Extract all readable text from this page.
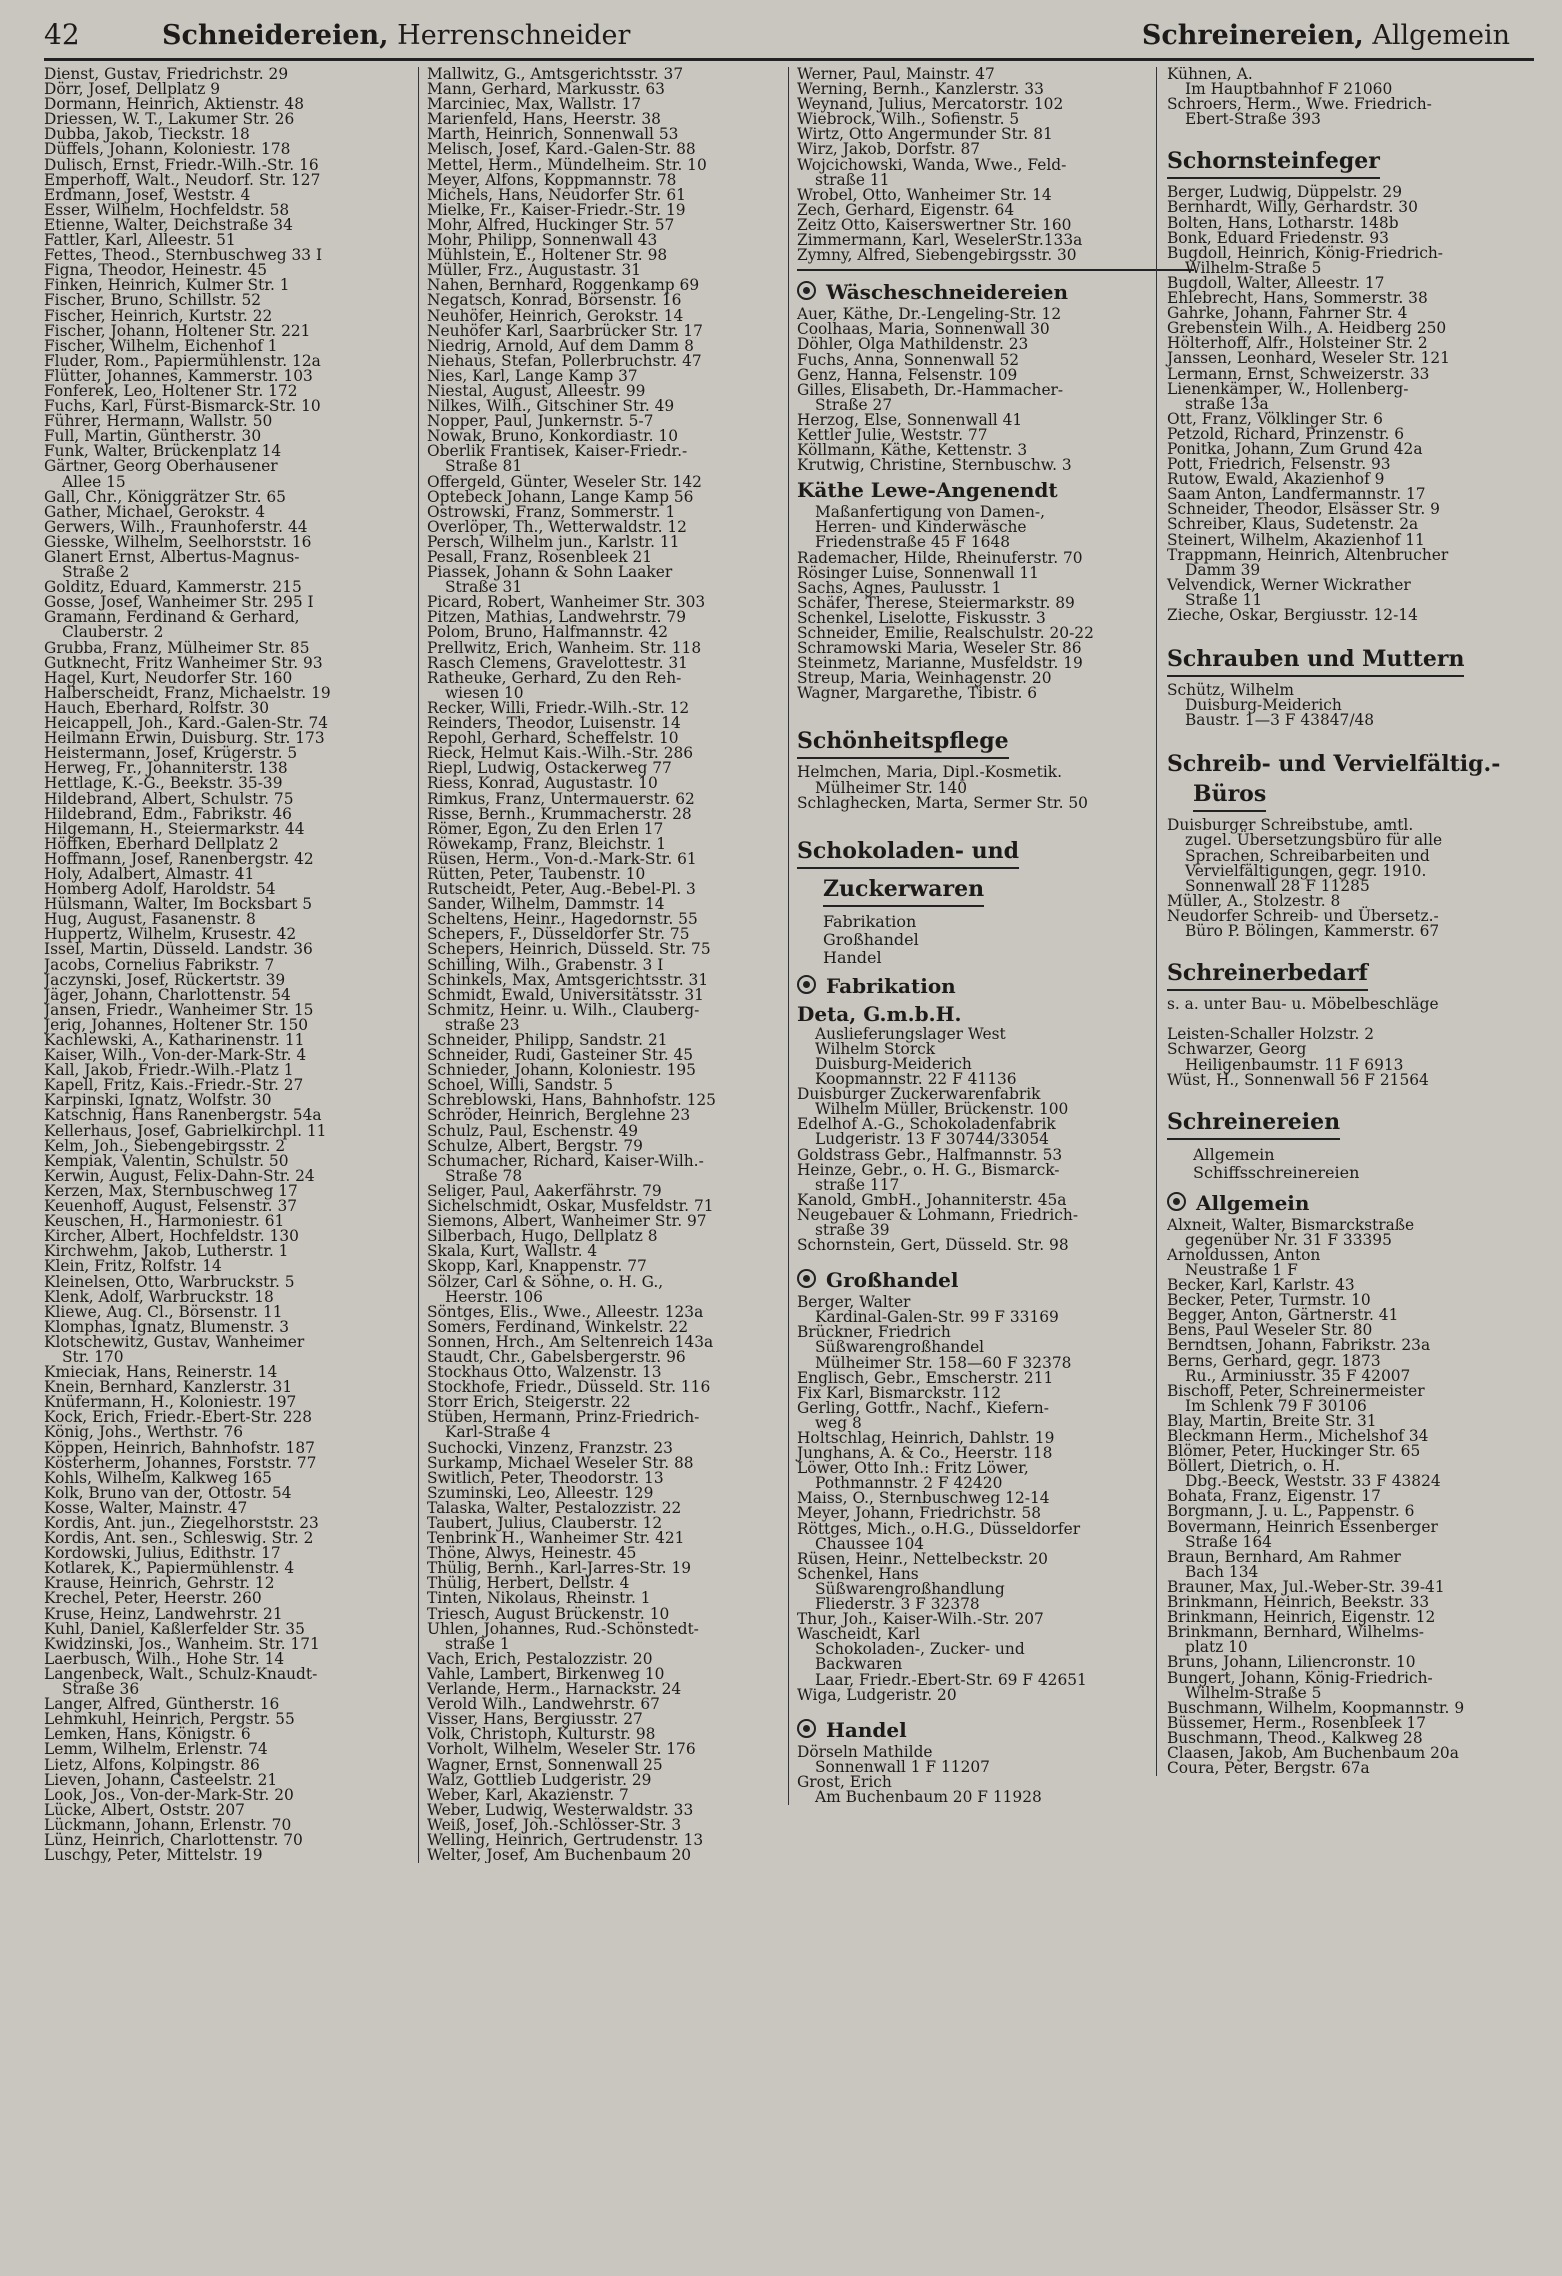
42	Schneidereien, Herrenschneider	Schreinereien, Allgemein
Dienst, Gustav, Friedrichstr. 29
Dörr, Josef, Dellplatz 9
Dormann, Heinrich, Aktienstr. 48
Driessen, W. T., Lakumer Str. 26
Dubba, Jakob, Tieckstr. 18
Düffels, Johann, Koloniestr. 178
Dulisch, Ernst, Friedr.-Wilh.-Str. 16
Emperhoff, Walt., Neudorf. Str. 127
Erdmann, Josef, Weststr. 4
Esser, Wilhelm, Hochfeldstr. 58
Etienne, Walter, Deichstraße 34
Fattler, Karl, Alleestr. 51
Fettes, Theod., Sternbuschweg 33 I
Figna, Theodor, Heinestr. 45
Finken, Heinrich, Kulmer Str. 1
Fischer, Bruno, Schillstr. 52
Fischer, Heinrich, Kurtstr. 22
Fischer, Johann, Holtener Str. 221
Fischer, Wilhelm, Eichenhof 1
Fluder, Rom., Papiermühlenstr. 12a
Flütter, Johannes, Kammerstr. 103
Fonferek, Leo, Holtener Str. 172
Fuchs, Karl, Fürst-Bismarck-Str. 10
Führer, Hermann, Wallstr. 50
Full, Martin, Güntherstr. 30
Funk, Walter, Brückenplatz 14
Gärtner, Georg Oberhausener
Allee 15
Gall, Chr., Königgrätzer Str. 65
Gather, Michael, Gerokstr. 4
Gerwers, Wilh., Fraunhoferstr. 44
Giesske, Wilhelm, Seelhorststr. 16
Glanert Ernst, Albertus-Magnus-
Straße 2
Golditz, Eduard, Kammerstr. 215
Gosse, Josef, Wanheimer Str. 295 I
Gramann, Ferdinand & Gerhard,
Clauberstr. 2
Grubba, Franz, Mülheimer Str. 85
Gutknecht, Fritz Wanheimer Str. 93
Hagel, Kurt, Neudorfer Str. 160
Halberscheidt, Franz, Michaelstr. 19
Hauch, Eberhard, Rolfstr. 30
Heicappell, Joh., Kard.-Galen-Str. 74
Heilmann Erwin, Duisburg. Str. 173
Heistermann, Josef, Krügerstr. 5
Herweg, Fr., Johanniterstr. 138
Hettlage, K.-G., Beekstr. 35-39
Hildebrand, Albert, Schulstr. 75
Hildebrand, Edm., Fabrikstr. 46
Hilgemann, H., Steiermarkstr. 44
Höffken, Eberhard Dellplatz 2
Hoffmann, Josef, Ranenbergstr. 42
Holy, Adalbert, Almastr. 41
Homberg Adolf, Haroldstr. 54
Hülsmann, Walter, Im Bocksbart 5
Hug, August, Fasanenstr. 8
Huppertz, Wilhelm, Krusestr. 42
Issel, Martin, Düsseld. Landstr. 36
Jacobs, Cornelius Fabrikstr. 7
Jaczynski, Josef, Rückertstr. 39
Jäger, Johann, Charlottenstr. 54
Jansen, Friedr., Wanheimer Str. 15
Jerig, Johannes, Holtener Str. 150
Kachlewski, A., Katharinenstr. 11
Kaiser, Wilh., Von-der-Mark-Str. 4
Kall, Jakob, Friedr.-Wilh.-Platz 1
Kapell, Fritz, Kais.-Friedr.-Str. 27
Karpinski, Ignatz, Wolfstr. 30
Katschnig, Hans Ranenbergstr. 54a
Kellerhaus, Josef, Gabrielkirchpl. 11
Kelm, Joh., Siebengebirgsstr. 2
Kempiak, Valentin, Schulstr. 50
Kerwin, August, Felix-Dahn-Str. 24
Kerzen, Max, Sternbuschweg 17
Keuenhoff, August, Felsenstr. 37
Keuschen, H., Harmoniestr. 61
Kircher, Albert, Hochfeldstr. 130
Kirchwehm, Jakob, Lutherstr. 1
Klein, Fritz, Rolfstr. 14
Kleinelsen, Otto, Warbruckstr. 5
Klenk, Adolf, Warbruckstr. 18
Kliewe, Aug. Cl., Börsenstr. 11
Klomphas, Ignatz, Blumenstr. 3
Klotschewitz, Gustav, Wanheimer
Str. 170
Kmieciak, Hans, Reinerstr. 14
Knein, Bernhard, Kanzlerstr. 31
Knüfermann, H., Koloniestr. 197
Kock, Erich, Friedr.-Ebert-Str. 228
König, Johs., Werthstr. 76
Köppen, Heinrich, Bahnhofstr. 187
Kösterherm, Johannes, Forststr. 77
Kohls, Wilhelm, Kalkweg 165
Kolk, Bruno van der, Ottostr. 54
Kosse, Walter, Mainstr. 47
Kordis, Ant. jun., Ziegelhorststr. 23
Kordis, Ant. sen., Schleswig. Str. 2
Kordowski, Julius, Edithstr. 17
Kotlarek, K., Papiermühlenstr. 4
Krause, Heinrich, Gehrstr. 12
Krechel, Peter, Heerstr. 260
Kruse, Heinz, Landwehrstr. 21
Kuhl, Daniel, Kaßlerfelder Str. 35
Kwidzinski, Jos., Wanheim. Str. 171
Laerbusch, Wilh., Hohe Str. 14
Langenbeck, Walt., Schulz-Knaudt-
Straße 36
Langer, Alfred, Güntherstr. 16
Lehmkuhl, Heinrich, Pergstr. 55
Lemken, Hans, Königstr. 6
Lemm, Wilhelm, Erlenstr. 74
Lietz, Alfons, Kolpingstr. 86
Lieven, Johann, Casteelstr. 21
Look, Jos., Von-der-Mark-Str. 20
Lücke, Albert, Oststr. 207
Lückmann, Johann, Erlenstr. 70
Lünz, Heinrich, Charlottenstr. 70
Luschgy, Peter, Mittelstr. 19
Mallwitz, G., Amtsgerichtsstr. 37
Mann, Gerhard, Markusstr. 63
Marciniec, Max, Wallstr. 17
Marienfeld, Hans, Heerstr. 38
Marth, Heinrich, Sonnenwall 53
Melisch, Josef, Kard.-Galen-Str. 88
Mettel, Herm., Mündelheim. Str. 10
Meyer, Alfons, Koppmannstr. 78
Michels, Hans, Neudorfer Str. 61
Mielke, Fr., Kaiser-Friedr.-Str. 19
Mohr, Alfred, Huckinger Str. 57
Mohr, Philipp, Sonnenwall 43
Mühlstein, E., Holtener Str. 98
Müller, Frz., Augustastr. 31
Nahen, Bernhard, Roggenkamp 69
Negatsch, Konrad, Börsenstr. 16
Neuhöfer, Heinrich, Gerokstr. 14
Neuhöfer Karl, Saarbrücker Str. 17
Niedrig, Arnold, Auf dem Damm 8
Niehaus, Stefan, Pollerbruchstr. 47
Nies, Karl, Lange Kamp 37
Niestal, August, Alleestr. 99
Nilkes, Wilh., Gitschiner Str. 49
Nopper, Paul, Junkernstr. 5-7
Nowak, Bruno, Konkordiastr. 10
Oberlik Frantisek, Kaiser-Friedr.-
Straße 81
Offergeld, Günter, Weseler Str. 142
Optebeck Johann, Lange Kamp 56
Ostrowski, Franz, Sommerstr. 1
Overlöper, Th., Wetterwaldstr. 12
Persch, Wilhelm jun., Karlstr. 11
Pesall, Franz, Rosenbleek 21
Piassek, Johann & Sohn Laaker
Straße 31
Picard, Robert, Wanheimer Str. 303
Pitzen, Mathias, Landwehrstr. 79
Polom, Bruno, Halfmannstr. 42
Prellwitz, Erich, Wanheim. Str. 118
Rasch Clemens, Gravelottestr. 31
Ratheuke, Gerhard, Zu den Reh-
wiesen 10
Recker, Willi, Friedr.-Wilh.-Str. 12
Reinders, Theodor, Luisenstr. 14
Repohl, Gerhard, Scheffelstr. 10
Rieck, Helmut Kais.-Wilh.-Str. 286
Riepl, Ludwig, Ostackerweg 77
Riess, Konrad, Augustastr. 10
Rimkus, Franz, Untermauerstr. 62
Risse, Bernh., Krummacherstr. 28
Römer, Egon, Zu den Erlen 17
Röwekamp, Franz, Bleichstr. 1
Rüsen, Herm., Von-d.-Mark-Str. 61
Rütten, Peter, Taubenstr. 10
Rutscheidt, Peter, Aug.-Bebel-Pl. 3
Sander, Wilhelm, Dammstr. 14
Scheltens, Heinr., Hagedornstr. 55
Schepers, F., Düsseldorfer Str. 75
Schepers, Heinrich, Düsseld. Str. 75
Schilling, Wilh., Grabenstr. 3 I
Schinkels, Max, Amtsgerichtsstr. 31
Schmidt, Ewald, Universitätsstr. 31
Schmitz, Heinr. u. Wilh., Clauberg-
straße 23
Schneider, Philipp, Sandstr. 21
Schneider, Rudi, Gasteiner Str. 45
Schnieder, Johann, Koloniestr. 195
Schoel, Willi, Sandstr. 5
Schreblowski, Hans, Bahnhofstr. 125
Schröder, Heinrich, Berglehne 23
Schulz, Paul, Eschenstr. 49
Schulze, Albert, Bergstr. 79
Schumacher, Richard, Kaiser-Wilh.-
Straße 78
Seliger, Paul, Aakerfährstr. 79
Sichelschmidt, Oskar, Musfeldstr. 71
Siemons, Albert, Wanheimer Str. 97
Silberbach, Hugo, Dellplatz 8
Skala, Kurt, Wallstr. 4
Skopp, Karl, Knappenstr. 77
Sölzer, Carl & Söhne, o. H. G.,
Heerstr. 106
Söntges, Elis., Wwe., Alleestr. 123a
Somers, Ferdinand, Winkelstr. 22
Sonnen, Hrch., Am Seltenreich 143a
Staudt, Chr., Gabelsbergerstr. 96
Stockhaus Otto, Walzenstr. 13
Stockhofe, Friedr., Düsseld. Str. 116
Storr Erich, Steigerstr. 22
Stüben, Hermann, Prinz-Friedrich-
Karl-Straße 4
Suchocki, Vinzenz, Franzstr. 23
Surkamp, Michael Weseler Str. 88
Switlich, Peter, Theodorstr. 13
Szuminski, Leo, Alleestr. 129
Talaska, Walter, Pestalozzistr. 22
Taubert, Julius, Clauberstr. 12
Tenbrink H., Wanheimer Str. 421
Thöne, Alwys, Heinestr. 45
Thülig, Bernh., Karl-Jarres-Str. 19
Thülig, Herbert, Dellstr. 4
Tinten, Nikolaus, Rheinstr. 1
Triesch, August Brückenstr. 10
Uhlen, Johannes, Rud.-Schönstedt-
straße 1
Vach, Erich, Pestalozzistr. 20
Vahle, Lambert, Birkenweg 10
Verlande, Herm., Harnackstr. 24
Verold Wilh., Landwehrstr. 67
Visser, Hans, Bergiusstr. 27
Volk, Christoph, Kulturstr. 98
Vorholt, Wilhelm, Weseler Str. 176
Wagner, Ernst, Sonnenwall 25
Walz, Gottlieb Ludgeristr. 29
Weber, Karl, Akazienstr. 7
Weber, Ludwig, Westerwaldstr. 33
Weiß, Josef, Joh.-Schlösser-Str. 3
Welling, Heinrich, Gertrudenstr. 13
Welter, Josef, Am Buchenbaum 20
Werner, Paul, Mainstr. 47
Werning, Bernh., Kanzlerstr. 33
Weynand, Julius, Mercatorstr. 102
Wiebrock, Wilh., Sofienstr. 5
Wirtz, Otto Angermunder Str. 81
Wirz, Jakob, Dorfstr. 87
Wojcichowski, Wanda, Wwe., Feld-
straße 11
Wrobel, Otto, Wanheimer Str. 14
Zech, Gerhard, Eigenstr. 64
Zeitz Otto, Kaiserswertner Str. 160
Zimmermann, Karl, WeselerStr.133a
Zymny, Alfred, Siebengebirgsstr. 30
Wäscheschneidereien
Auer, Käthe, Dr.-Lengeling-Str. 12
Coolhaas, Maria, Sonnenwall 30
Döhler, Olga Mathildenstr. 23
Fuchs, Anna, Sonnenwall 52
Genz, Hanna, Felsenstr. 109
Gilles, Elisabeth, Dr.-Hammacher-
Straße 27
Herzog, Else, Sonnenwall 41
Kettler Julie, Weststr. 77
Köllmann, Käthe, Kettenstr. 3
Krutwig, Christine, Sternbuschw. 3
Käthe Lewe-Angenendt
Maßanfertigung von Damen-,
Herren- und Kinderwäsche
Friedenstraße 45 F 1648
Rademacher, Hilde, Rheinuferstr. 70
Rösinger Luise, Sonnenwall 11
Sachs, Agnes, Paulusstr. 1
Schäfer, Therese, Steiermarkstr. 89
Schenkel, Liselotte, Fiskusstr. 3
Schneider, Emilie, Realschulstr. 20-22
Schramowski Maria, Weseler Str. 86
Steinmetz, Marianne, Musfeldstr. 19
Streup, Maria, Weinhagenstr. 20
Wagner, Margarethe, Tibistr. 6
Schönheitspflege
Helmchen, Maria, Dipl.-Kosmetik.
Mülheimer Str. 140
Schlaghecken, Marta, Sermer Str. 50
Schokoladen- und
Zuckerwaren
Fabrikation
Großhandel
Handel
Fabrikation
Deta, G.m.b.H.
Auslieferungslager West
Wilhelm Storck
Duisburg-Meiderich
Koopmannstr. 22 F 41136
Duisburger Zuckerwarenfabrik
Wilhelm Müller, Brückenstr. 100
Edelhof A.-G., Schokoladenfabrik
Ludgeristr. 13 F 30744/33054
Goldstrass Gebr., Halfmannstr. 53
Heinze, Gebr., o. H. G., Bismarck-
straße 117
Kanold, GmbH., Johanniterstr. 45a
Neugebauer & Lohmann, Friedrich-
straße 39
Schornstein, Gert, Düsseld. Str. 98
Großhandel
Berger, Walter
Kardinal-Galen-Str. 99 F 33169
Brückner, Friedrich
Süßwarengroßhandel
Mülheimer Str. 158—60 F 32378
Englisch, Gebr., Emscherstr. 211
Fix Karl, Bismarckstr. 112
Gerling, Gottfr., Nachf., Kiefern-
weg 8
Holtschlag, Heinrich, Dahlstr. 19
Junghans, A. & Co., Heerstr. 118
Löwer, Otto Inh.: Fritz Löwer,
Pothmannstr. 2 F 42420
Maiss, O., Sternbuschweg 12-14
Meyer, Johann, Friedrichstr. 58
Röttges, Mich., o.H.G., Düsseldorfer
Chaussee 104
Rüsen, Heinr., Nettelbeckstr. 20
Schenkel, Hans
Süßwarengroßhandlung
Fliederstr. 3 F 32378
Thur, Joh., Kaiser-Wilh.-Str. 207
Wascheidt, Karl
Schokoladen-, Zucker- und
Backwaren
Laar, Friedr.-Ebert-Str. 69 F 42651
Wiga, Ludgeristr. 20
Handel
Dörseln Mathilde
Sonnenwall 1 F 11207
Grost, Erich
Am Buchenbaum 20 F 11928
Kühnen, A.
Im Hauptbahnhof F 21060
Schroers, Herm., Wwe. Friedrich-
Ebert-Straße 393
Schornsteinfeger
Berger, Ludwig, Düppelstr. 29
Bernhardt, Willy, Gerhardstr. 30
Bolten, Hans, Lotharstr. 148b
Bonk, Eduard Friedenstr. 93
Bugdoll, Heinrich, König-Friedrich-
Wilhelm-Straße 5
Bugdoll, Walter, Alleestr. 17
Ehlebrecht, Hans, Sommerstr. 38
Gahrke, Johann, Fahrner Str. 4
Grebenstein Wilh., A. Heidberg 250
Hölterhoff, Alfr., Holsteiner Str. 2
Janssen, Leonhard, Weseler Str. 121
Lermann, Ernst, Schweizerstr. 33
Lienenkämper, W., Hollenberg-
straße 13a
Ott, Franz, Völklinger Str. 6
Petzold, Richard, Prinzenstr. 6
Ponitka, Johann, Zum Grund 42a
Pott, Friedrich, Felsenstr. 93
Rutow, Ewald, Akazienhof 9
Saam Anton, Landfermannstr. 17
Schneider, Theodor, Elsässer Str. 9
Schreiber, Klaus, Sudetenstr. 2a
Steinert, Wilhelm, Akazienhof 11
Trappmann, Heinrich, Altenbrucher
Damm 39
Velvendick, Werner Wickrather
Straße 11
Zieche, Oskar, Bergiusstr. 12-14
Schrauben und Muttern
Schütz, Wilhelm
Duisburg-Meiderich
Baustr. 1—3 F 43847/48
Schreib- und Vervielfältig.-
Büros
Duisburger Schreibstube, amtl.
zugel. Übersetzungsbüro für alle
Sprachen, Schreibarbeiten und
Vervielfältigungen, gegr. 1910.
Sonnenwall 28 F 11285
Müller, A., Stolzestr. 8
Neudorfer Schreib- und Übersetz.-
Büro P. Bölingen, Kammerstr. 67
Schreinerbedarf
s. a. unter Bau- u. Möbelbeschläge

Leisten-Schaller Holzstr. 2
Schwarzer, Georg
Heiligenbaumstr. 11 F 6913
Wüst, H., Sonnenwall 56 F 21564
Schreinereien
Allgemein
Schiffsschreinereien
Allgemein
Alxneit, Walter, Bismarckstraße
gegenüber Nr. 31 F 33395
Arnoldussen, Anton
Neustraße 1 F
Becker, Karl, Karlstr. 43
Becker, Peter, Turmstr. 10
Begger, Anton, Gärtnerstr. 41
Bens, Paul Weseler Str. 80
Berndtsen, Johann, Fabrikstr. 23a
Berns, Gerhard, gegr. 1873
Ru., Arminiusstr. 35 F 42007
Bischoff, Peter, Schreinermeister
Im Schlenk 79 F 30106
Blay, Martin, Breite Str. 31
Bleckmann Herm., Michelshof 34
Blömer, Peter, Huckinger Str. 65
Böllert, Dietrich, o. H.
Dbg.-Beeck, Weststr. 33 F 43824
Bohata, Franz, Eigenstr. 17
Borgmann, J. u. L., Pappenstr. 6
Bovermann, Heinrich Essenberger
Straße 164
Braun, Bernhard, Am Rahmer
Bach 134
Brauner, Max, Jul.-Weber-Str. 39-41
Brinkmann, Heinrich, Beekstr. 33
Brinkmann, Heinrich, Eigenstr. 12
Brinkmann, Bernhard, Wilhelms-
platz 10
Bruns, Johann, Liliencronstr. 10
Bungert, Johann, König-Friedrich-
Wilhelm-Straße 5
Buschmann, Wilhelm, Koopmannstr. 9
Büssemer, Herm., Rosenbleek 17
Buschmann, Theod., Kalkweg 28
Claasen, Jakob, Am Buchenbaum 20a
Coura, Peter, Bergstr. 67a
